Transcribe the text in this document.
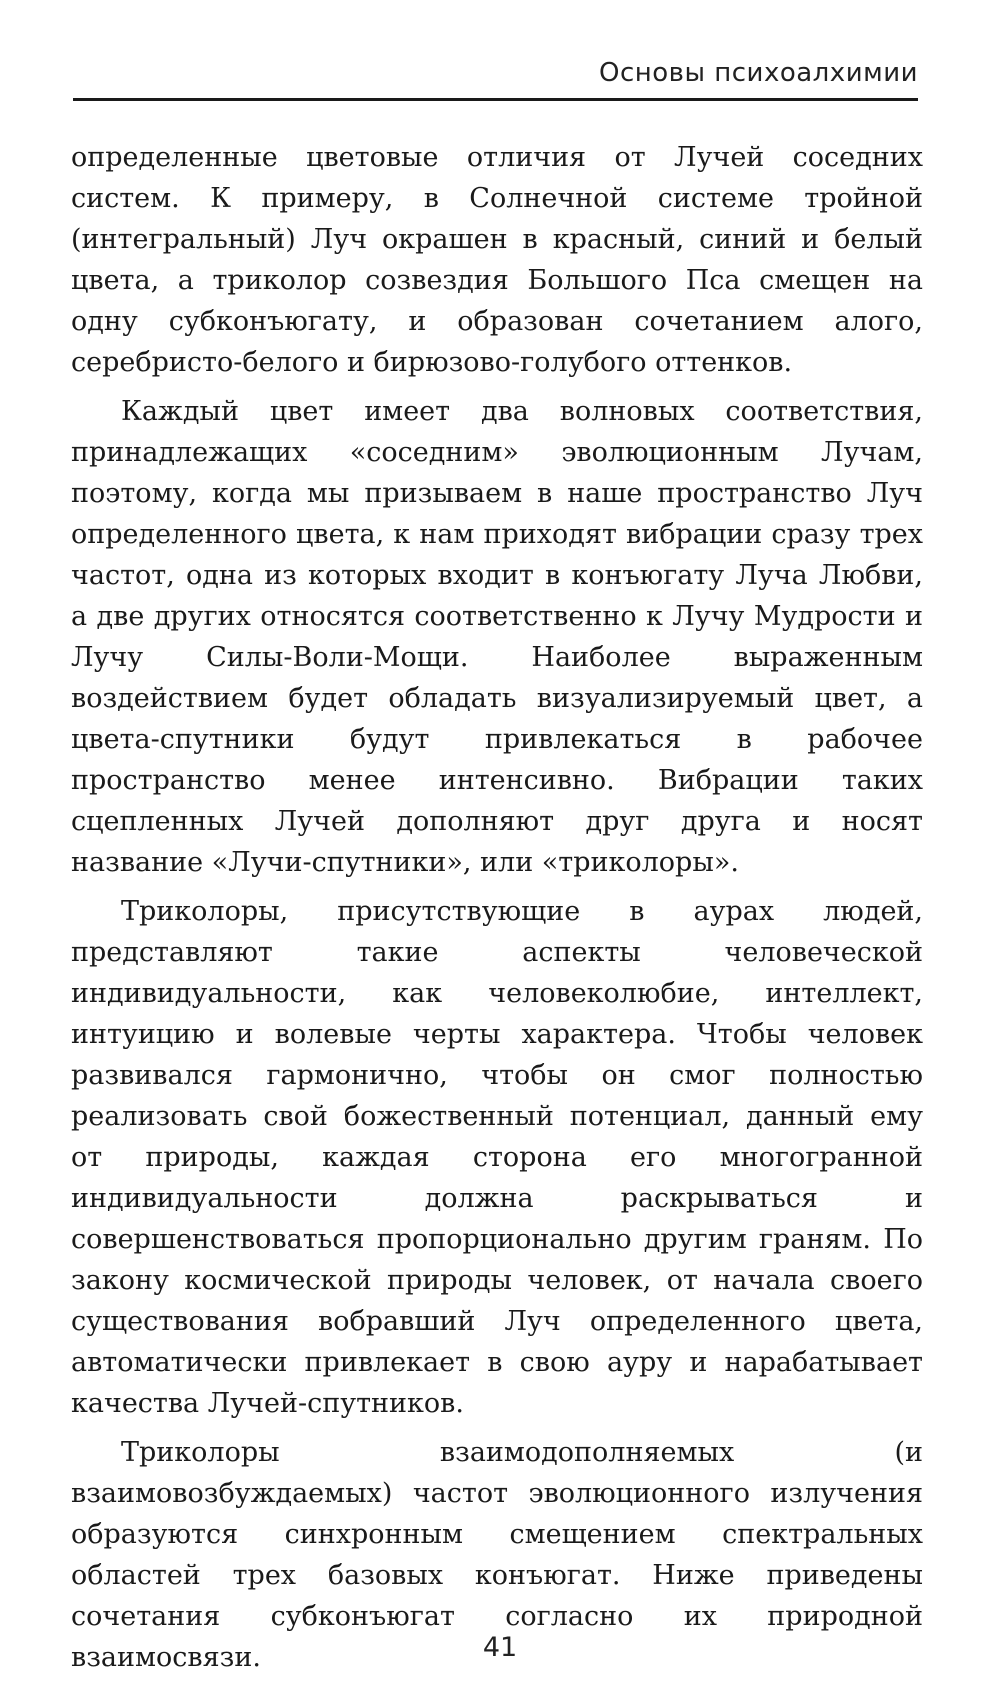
Основы психоалхимии

определенные цветовые отличия от Лучей соседних систем. К примеру, в Солнечной системе тройной (интегральный) Луч окрашен в красный, синий и белый цвета, а триколор созвездия Большого Пса смещен на одну субконъюгату, и образован сочетанием алого, серебристо-белого и бирюзово-голубого оттенков.

Каждый цвет имеет два волновых соответствия, принадлежащих «соседним» эволюционным Лучам, поэтому, когда мы призываем в наше пространство Луч определенного цвета, к нам приходят вибрации сразу трех частот, одна из которых входит в конъюгату Луча Любви, а две других относятся соответственно к Лучу Мудрости и Лучу Силы-Воли-Мощи. Наиболее выраженным воздействием будет обладать визуализируемый цвет, а цвета-спутники будут привлекаться в рабочее пространство менее интенсивно. Вибрации таких сцепленных Лучей дополняют друг друга и носят название «Лучи-спутники», или «триколоры».

Триколоры, присутствующие в аурах людей, представляют такие аспекты человеческой индивидуальности, как человеколюбие, интеллект, интуицию и волевые черты характера. Чтобы человек развивался гармонично, чтобы он смог полностью реализовать свой божественный потенциал, данный ему от природы, каждая сторона его многогранной индивидуальности должна раскрываться и совершенствоваться пропорционально другим граням. По закону космической природы человек, от начала своего существования вобравший Луч определенного цвета, автоматически привлекает в свою ауру и нарабатывает качества Лучей-спутников.

Триколоры взаимодополняемых (и взаимовозбуждаемых) частот эволюционного излучения образуются синхронным смещением спектральных областей трех базовых конъюгат. Ниже приведены сочетания субконъюгат согласно их природной взаимосвязи.	41
